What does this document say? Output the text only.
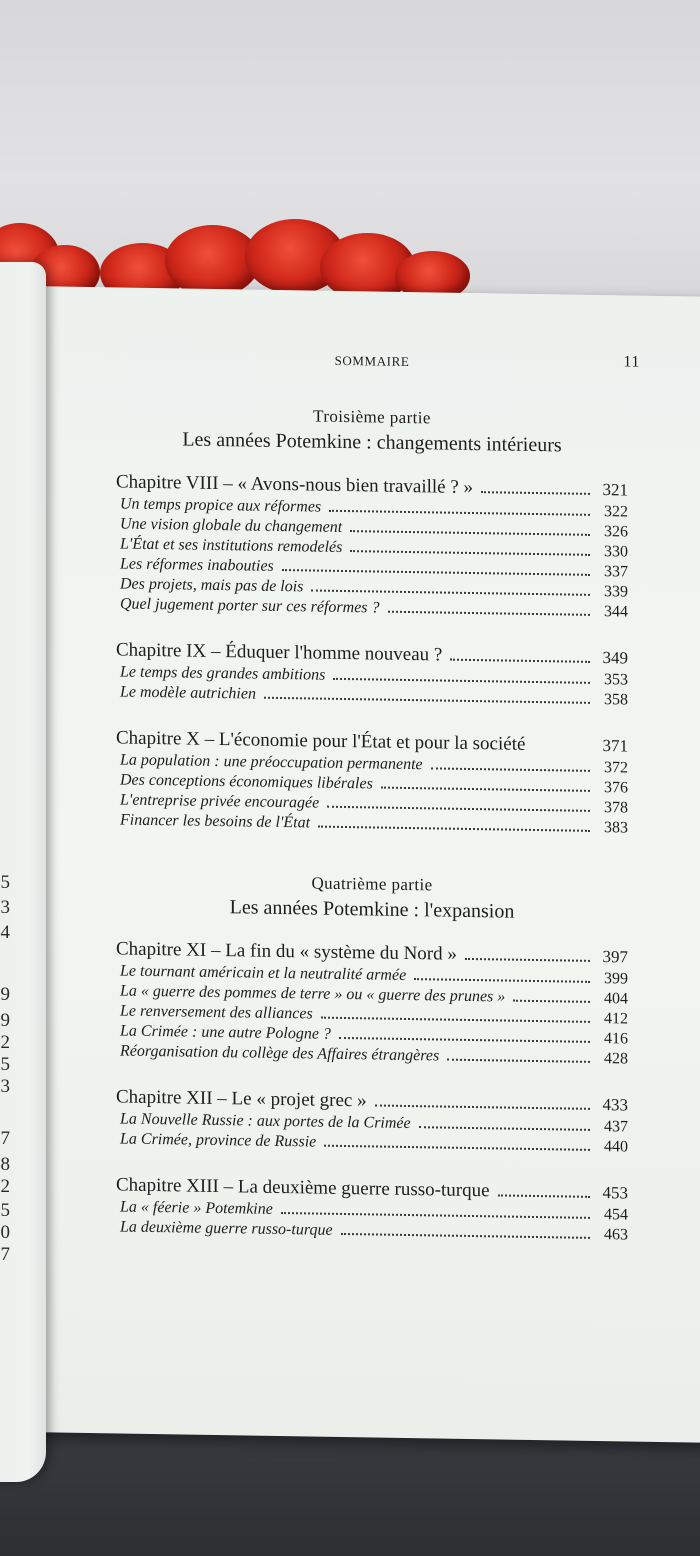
5
3
4
9
9
2
5
3
7
8
2
5
0
7
SOMMAIRE	11
Troisième partie
Les années Potemkine : changements intérieurs
Chapitre VIII – « Avons-nous bien travaillé ? »	321
Un temps propice aux réformes	322
Une vision globale du changement	326
L'État et ses institutions remodelés	330
Les réformes inabouties	337
Des projets, mais pas de lois	339
Quel jugement porter sur ces réformes ?	344
Chapitre IX – Éduquer l'homme nouveau ?	349
Le temps des grandes ambitions	353
Le modèle autrichien	358
Chapitre X – L'économie pour l'État et pour la société	371
La population : une préoccupation permanente	372
Des conceptions économiques libérales	376
L'entreprise privée encouragée	378
Financer les besoins de l'État	383
Quatrième partie
Les années Potemkine : l'expansion
Chapitre XI – La fin du « système du Nord »	397
Le tournant américain et la neutralité armée	399
La « guerre des pommes de terre » ou « guerre des prunes »	404
Le renversement des alliances	412
La Crimée : une autre Pologne ?	416
Réorganisation du collège des Affaires étrangères	428
Chapitre XII – Le « projet grec »	433
La Nouvelle Russie : aux portes de la Crimée	437
La Crimée, province de Russie	440
Chapitre XIII – La deuxième guerre russo-turque	453
La « féerie » Potemkine	454
La deuxième guerre russo-turque	463
